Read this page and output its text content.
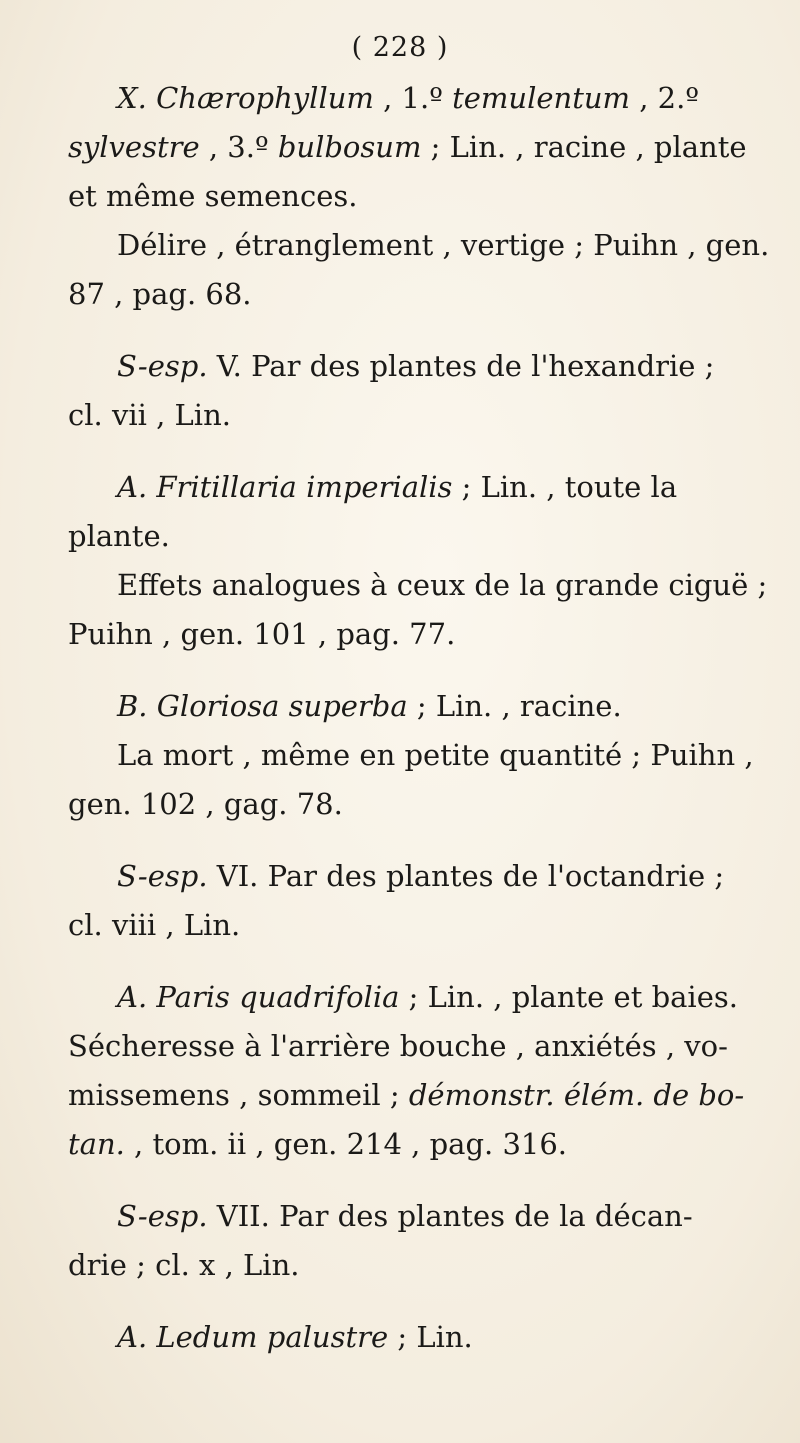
( 228 )
X. Chærophyllum , 1.º temulentum , 2.º
sylvestre , 3.º bulbosum ; Lin. , racine , plante
et même semences.
Délire , étranglement , vertige ; Puihn , gen.
87 , pag. 68.
S-esp. V. Par des plantes de l'hexandrie ;
cl. vii , Lin.
A. Fritillaria imperialis ; Lin. , toute la
plante.
Effets analogues à ceux de la grande ciguë ;
Puihn , gen. 101 , pag. 77.
B. Gloriosa superba ; Lin. , racine.
La mort , même en petite quantité ; Puihn ,
gen. 102 , gag. 78.
S-esp. VI. Par des plantes de l'octandrie ;
cl. viii , Lin.
A. Paris quadrifolia ; Lin. , plante et baies.
Sécheresse à l'arrière bouche , anxiétés , vo-
missemens , sommeil ; démonstr. élém. de bo-
tan. , tom. ii , gen. 214 , pag. 316.
S-esp. VII. Par des plantes de la décan-
drie ; cl. x , Lin.
A. Ledum palustre ; Lin.
